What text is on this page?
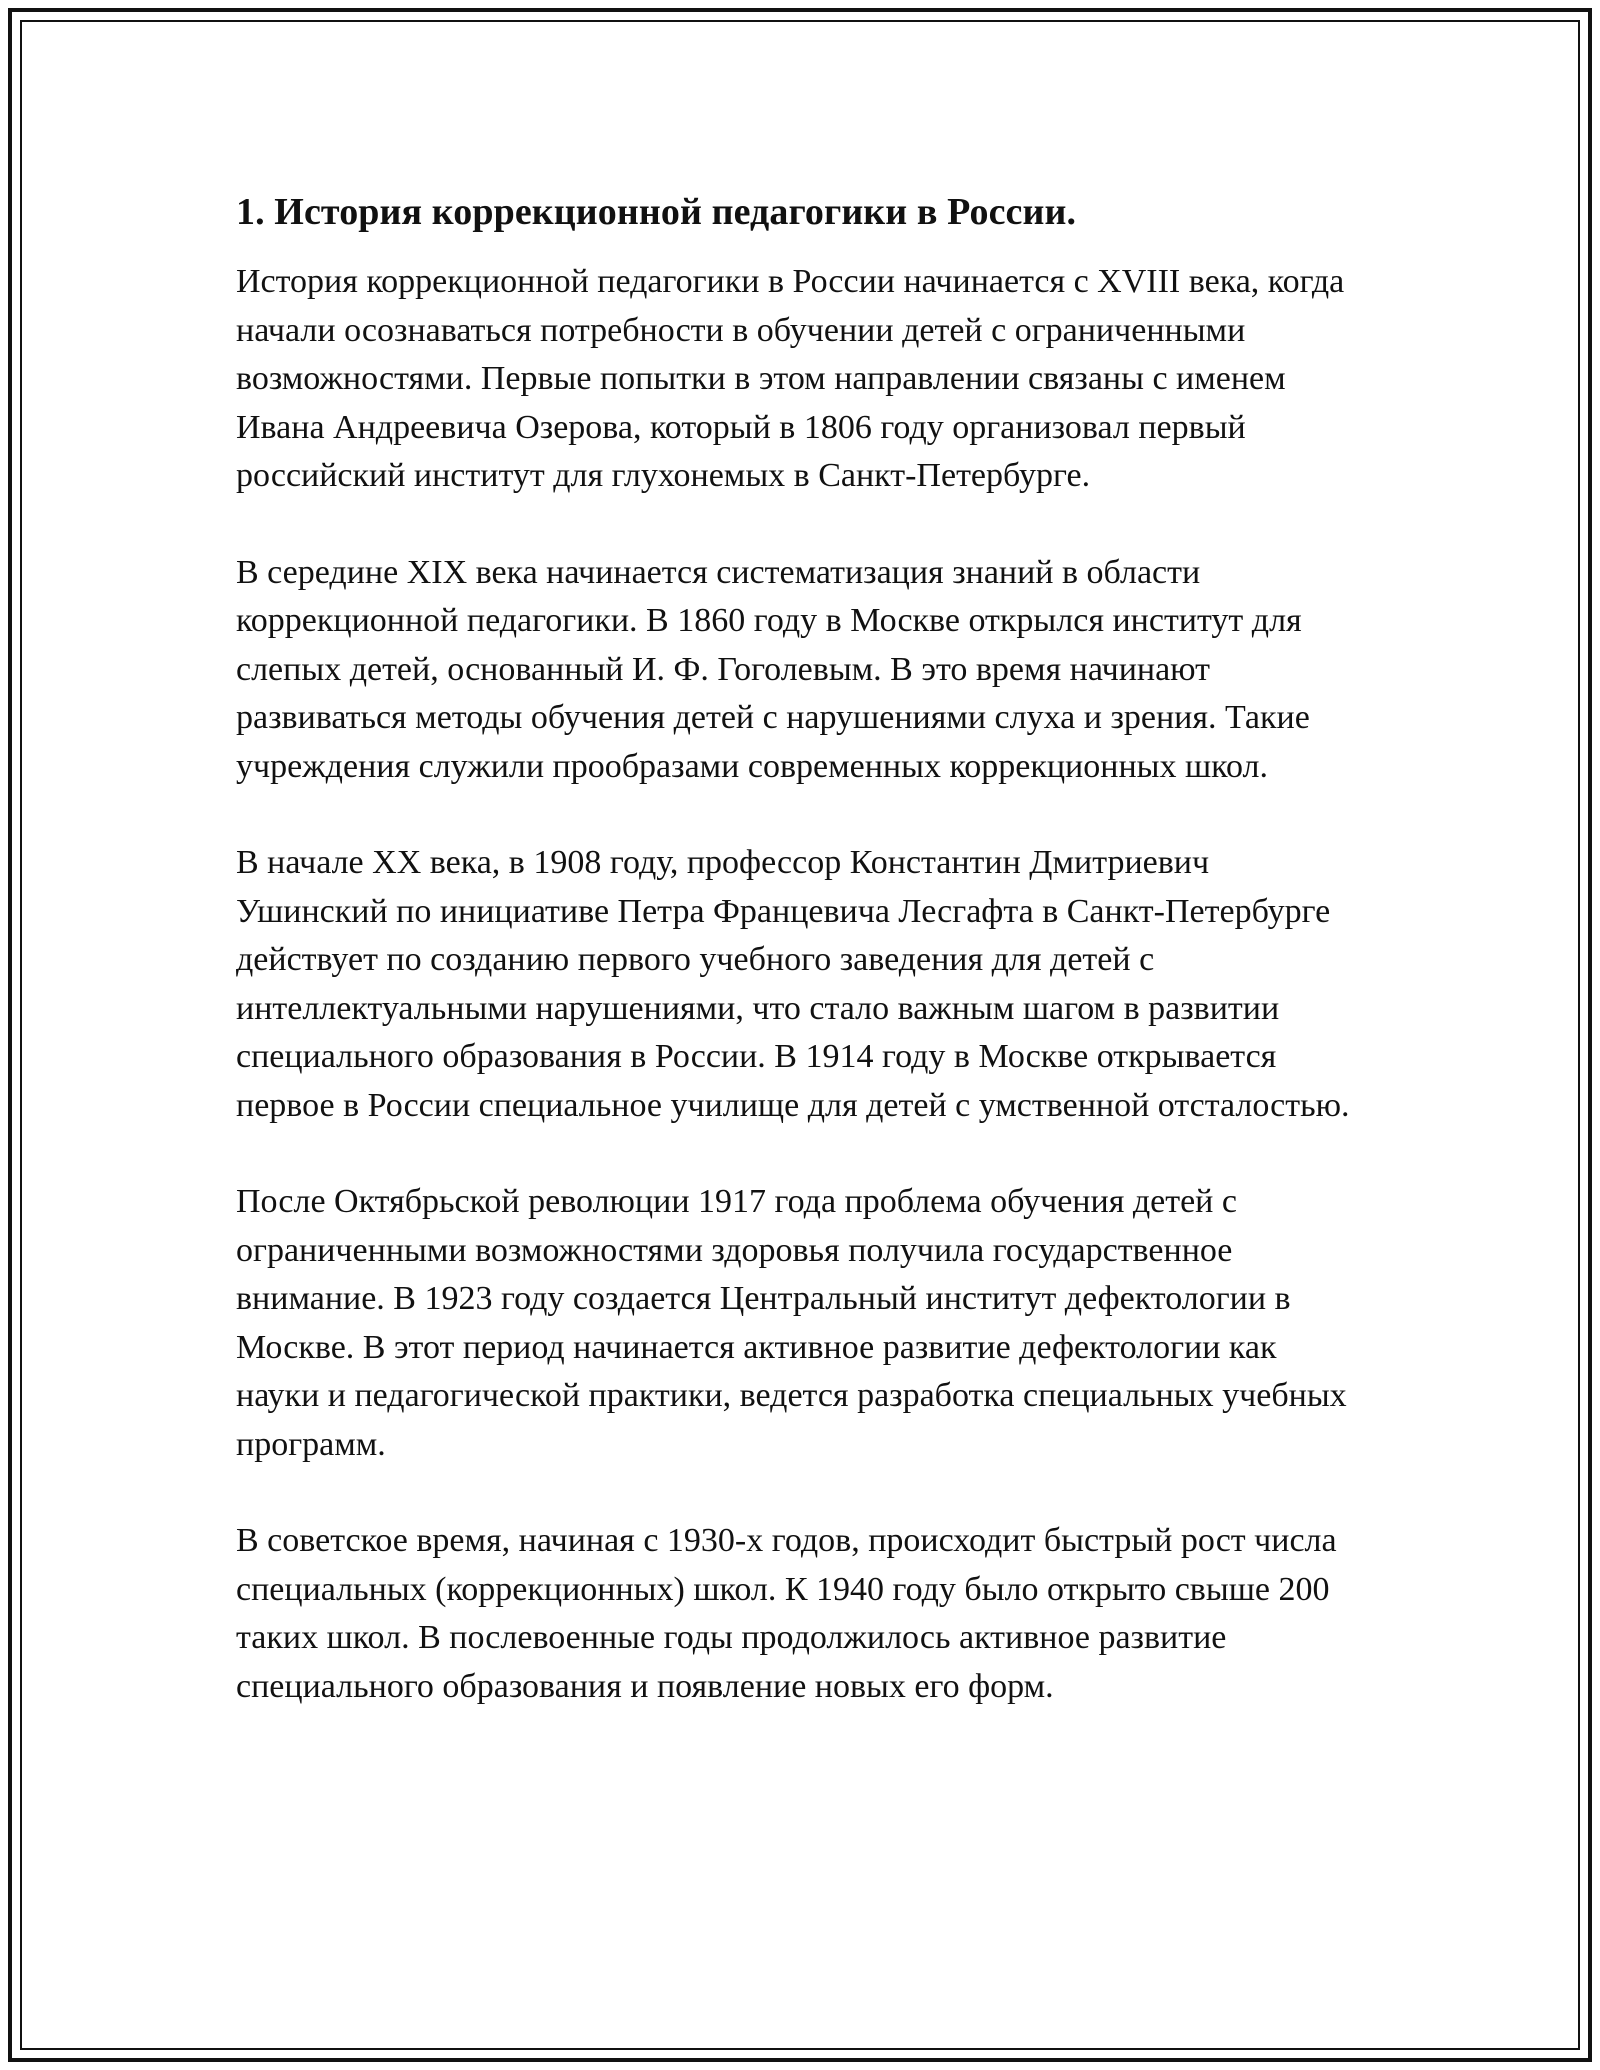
1. История коррекционной педагогики в России.

История коррекционной педагогики в России начинается с XVIII века, когда начали осознаваться потребности в обучении детей с ограниченными возможностями. Первые попытки в этом направлении связаны с именем Ивана Андреевича Озерова, который в 1806 году организовал первый российский институт для глухонемых в Санкт-Петербурге.

В середине XIX века начинается систематизация знаний в области коррекционной педагогики. В 1860 году в Москве открылся институт для слепых детей, основанный И. Ф. Гоголевым. В это время начинают развиваться методы обучения детей с нарушениями слуха и зрения. Такие учреждения служили прообразами современных коррекционных школ.

В начале XX века, в 1908 году, профессор Константин Дмитриевич Ушинский по инициативе Петра Францевича Лесгафта в Санкт-Петербурге действует по созданию первого учебного заведения для детей с интеллектуальными нарушениями, что стало важным шагом в развитии специального образования в России. В 1914 году в Москве открывается первое в России специальное училище для детей с умственной отсталостью.

После Октябрьской революции 1917 года проблема обучения детей с ограниченными возможностями здоровья получила государственное внимание. В 1923 году создается Центральный институт дефектологии в Москве. В этот период начинается активное развитие дефектологии как науки и педагогической практики, ведется разработка специальных учебных программ.

В советское время, начиная с 1930-х годов, происходит быстрый рост числа специальных (коррекционных) школ. К 1940 году было открыто свыше 200 таких школ. В послевоенные годы продолжилось активное развитие специального образования и появление новых его форм.
